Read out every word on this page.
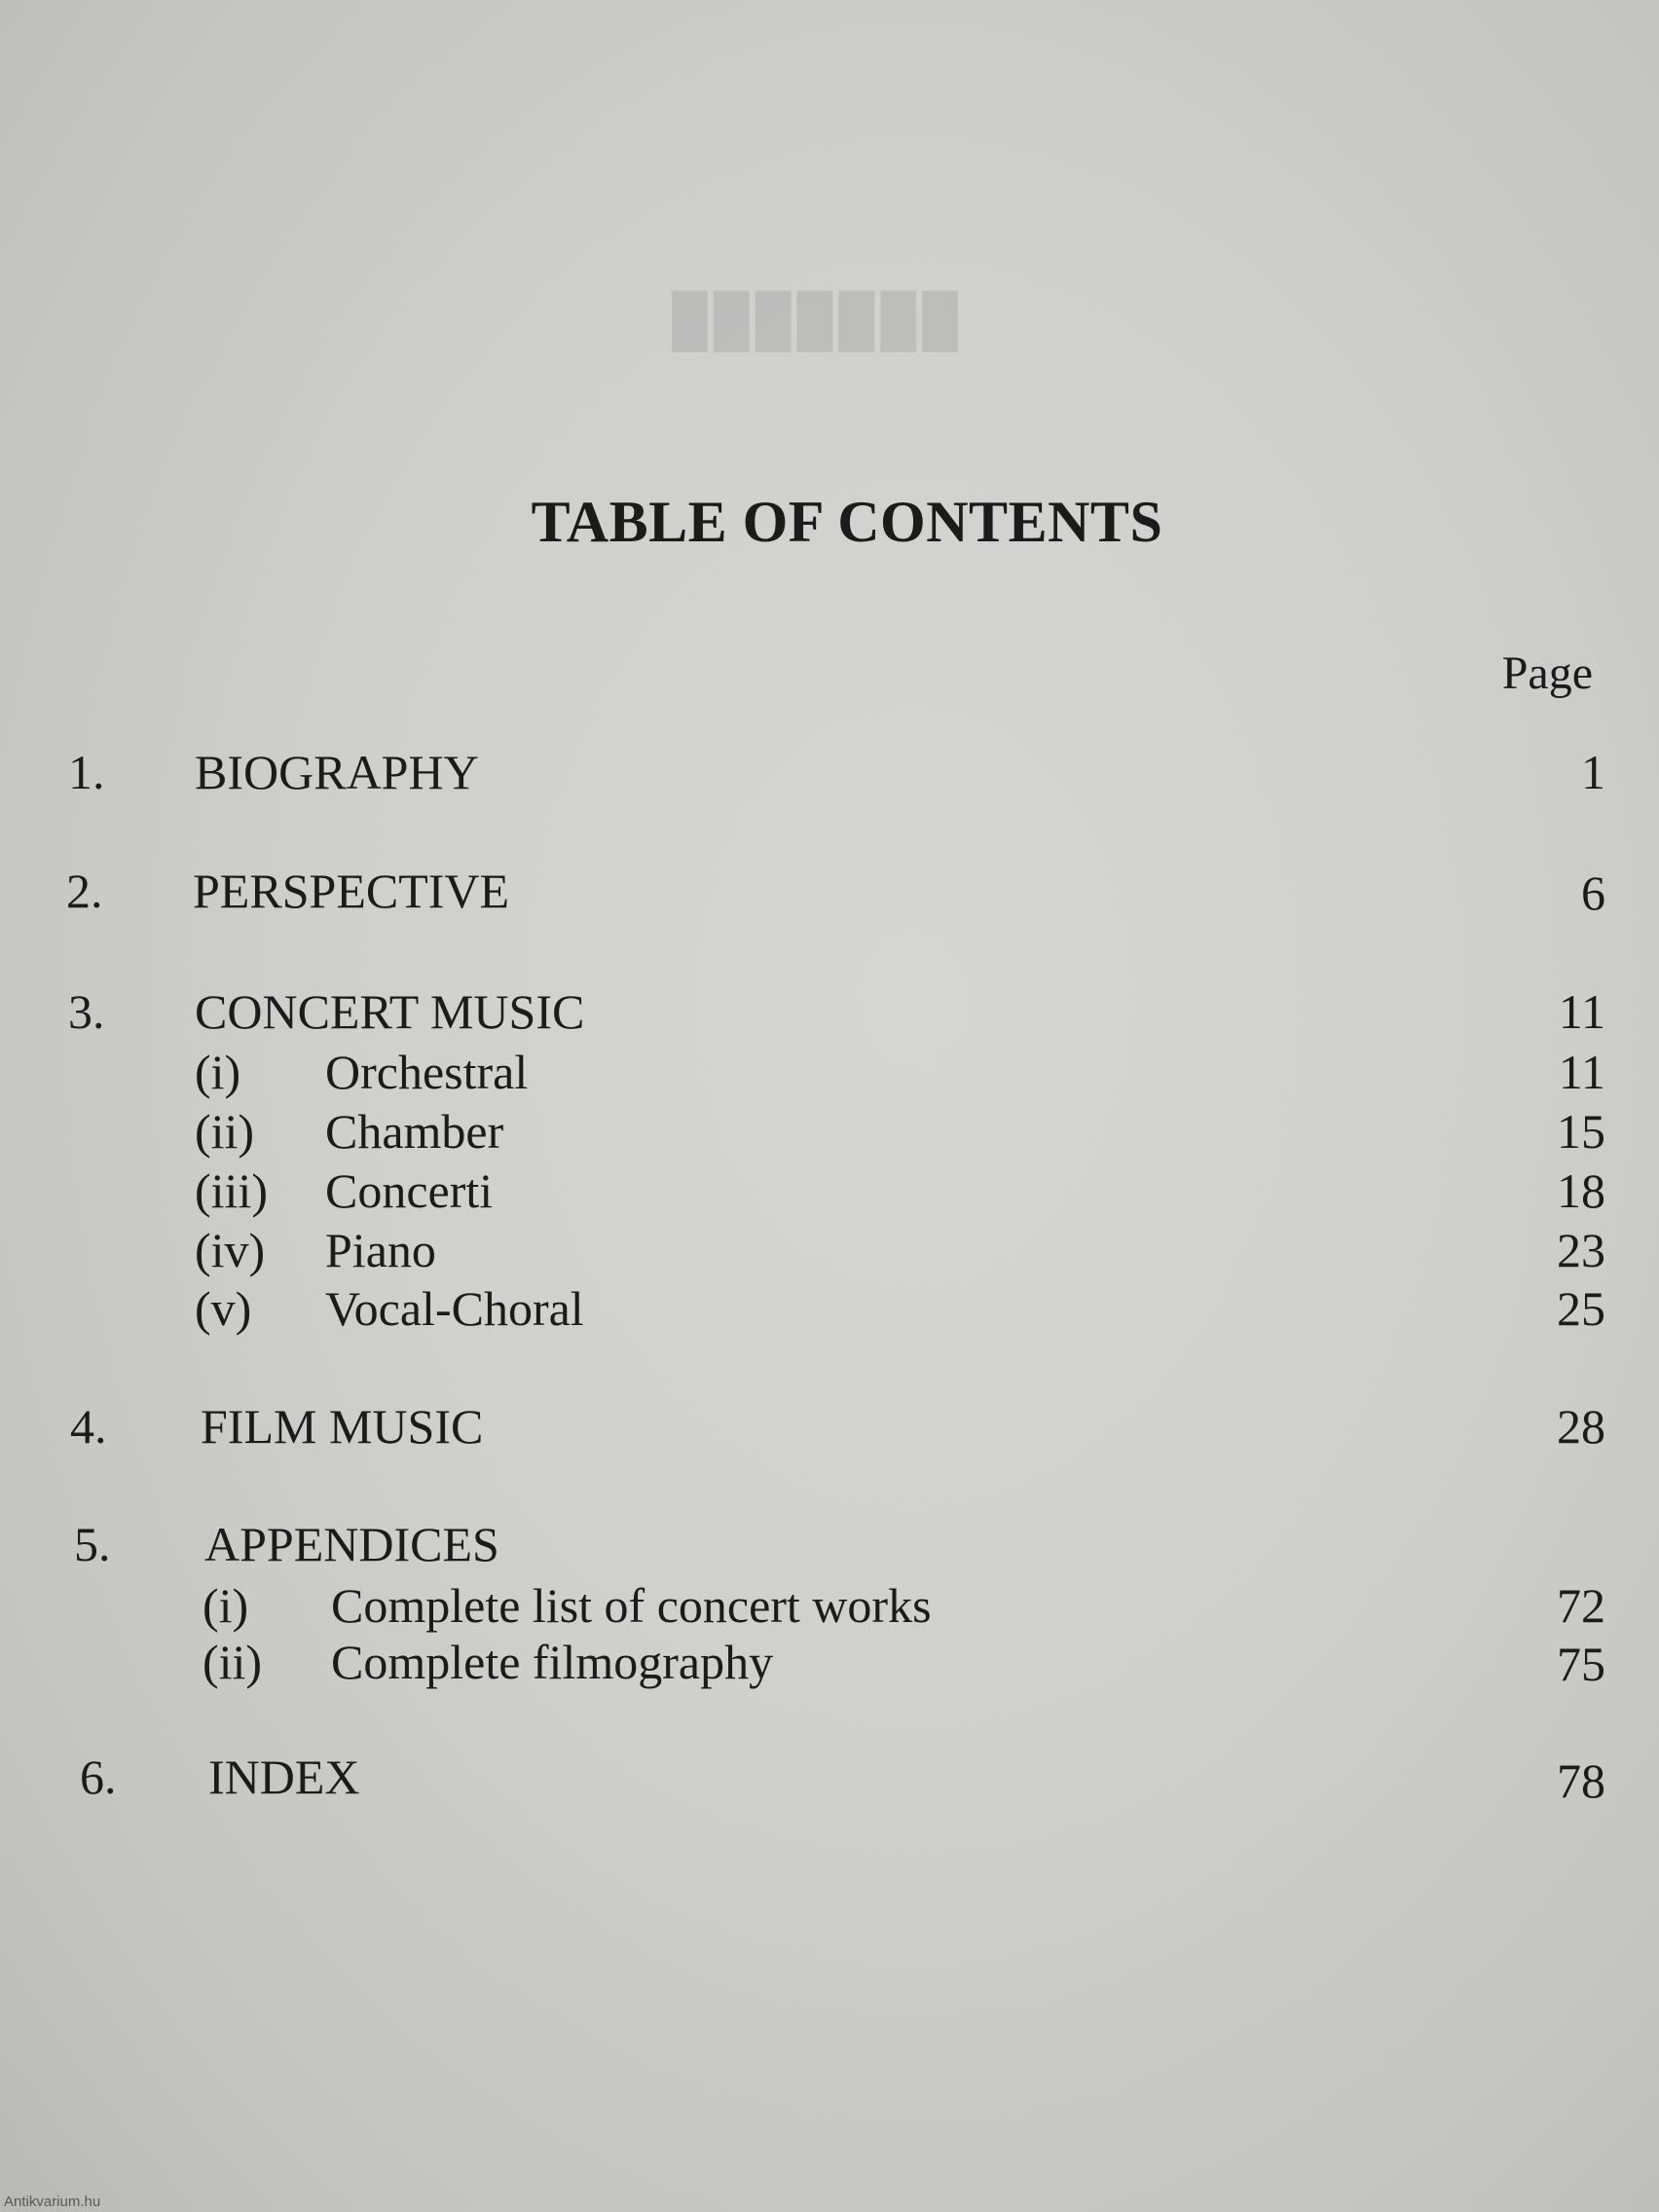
███████
TABLE OF CONTENTS
Page
1. BIOGRAPHY	1
2. PERSPECTIVE	6
3. CONCERT MUSIC	11
(i) Orchestral	11
(ii) Chamber	15
(iii) Concerti	18
(iv) Piano	23
(v) Vocal-Choral	25
4. FILM MUSIC	28
5. APPENDICES
(i) Complete list of concert works	72
(ii) Complete filmography	75
6. INDEX	78
Antikvarium.hu
